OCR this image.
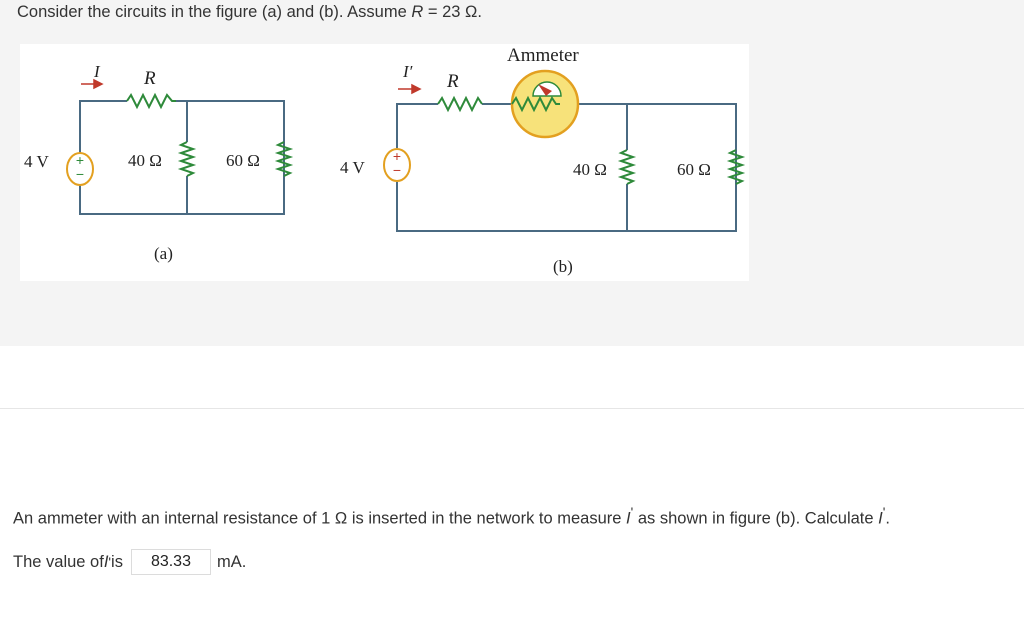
Consider the circuits in the figure (a) and (b). Assume R = 23 Ω.
+
−
+
−
I R
4 V	40 Ω	60 Ω
(a)
I′ R
Ammeter
4 V	40 Ω	60 Ω
(b)
An ammeter with an internal resistance of 1 Ω is inserted in the network to measure I' as shown in figure (b). Calculate I'.
The value of I ' is	83.33	mA.
